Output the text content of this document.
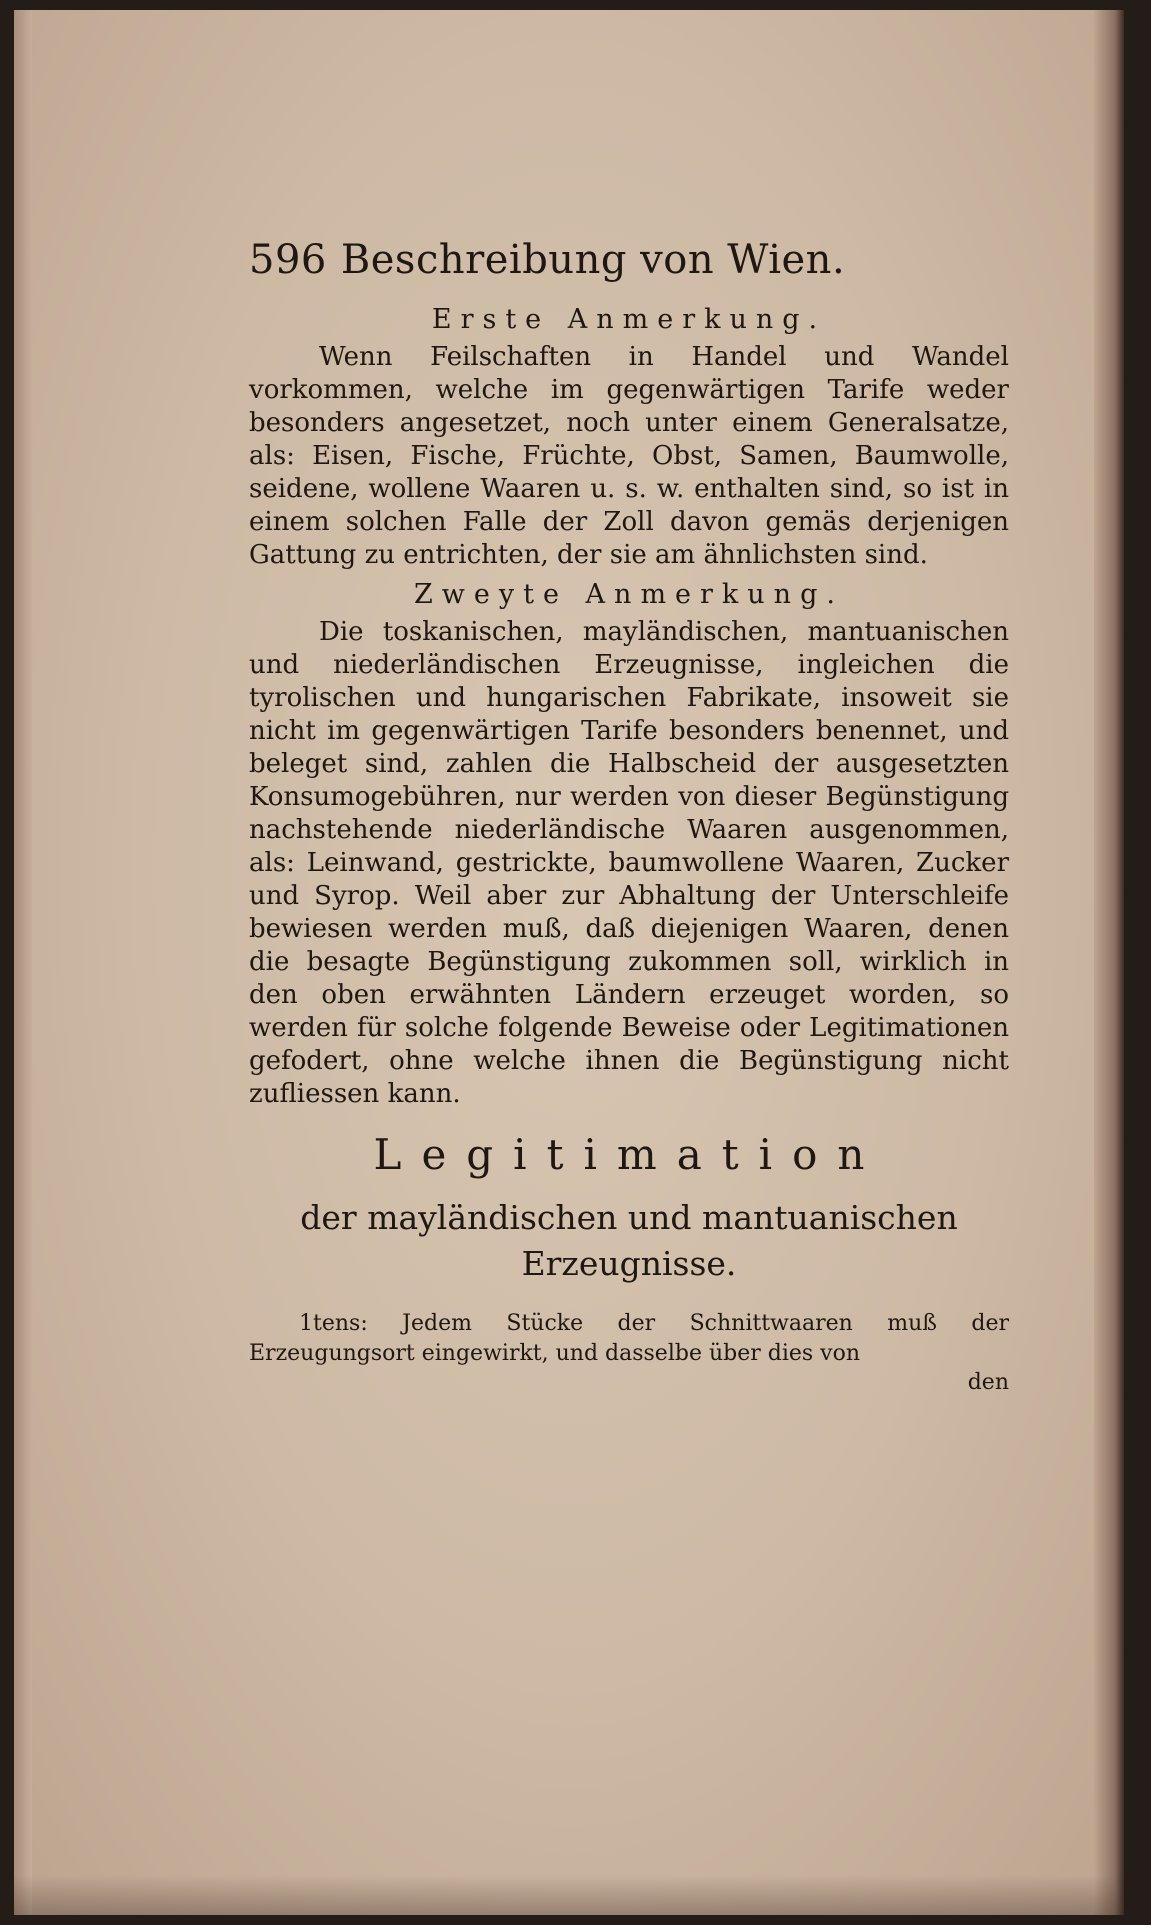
596 Beschreibung von Wien.
Erste Anmerkung.

Wenn Feilschaften in Handel und Wandel vorkommen, welche im gegenwärtigen Tarife weder besonders angesetzet, noch unter einem Generalsatze, als: Eisen, Fische, Früchte, Obst, Samen, Baumwolle, seidene, wollene Waaren u. s. w. enthalten sind, so ist in einem solchen Falle der Zoll davon gemäs derjenigen Gattung zu entrichten, der sie am ähnlichsten sind.

Zweyte Anmerkung.

Die toskanischen, mayländischen, mantuanischen und niederländischen Erzeugnisse, ingleichen die tyrolischen und hungarischen Fabrikate, insoweit sie nicht im gegenwärtigen Tarife besonders benennet, und beleget sind, zahlen die Halbscheid der ausgesetzten Konsumogebühren, nur werden von dieser Begünstigung nachstehende niederländische Waaren ausgenommen, als: Leinwand, gestrickte, baumwollene Waaren, Zucker und Syrop. Weil aber zur Abhaltung der Unterschleife bewiesen werden muß, daß diejenigen Waaren, denen die besagte Begünstigung zukommen soll, wirklich in den oben erwähnten Ländern erzeuget worden, so werden für solche folgende Beweise oder Legitimationen gefodert, ohne welche ihnen die Begünstigung nicht zufliessen kann.

Legitimation
der mayländischen und mantuanischen Erzeugnisse.

1tens: Jedem Stücke der Schnittwaaren muß der Erzeugungsort eingewirkt, und dasselbe über dies von

den
